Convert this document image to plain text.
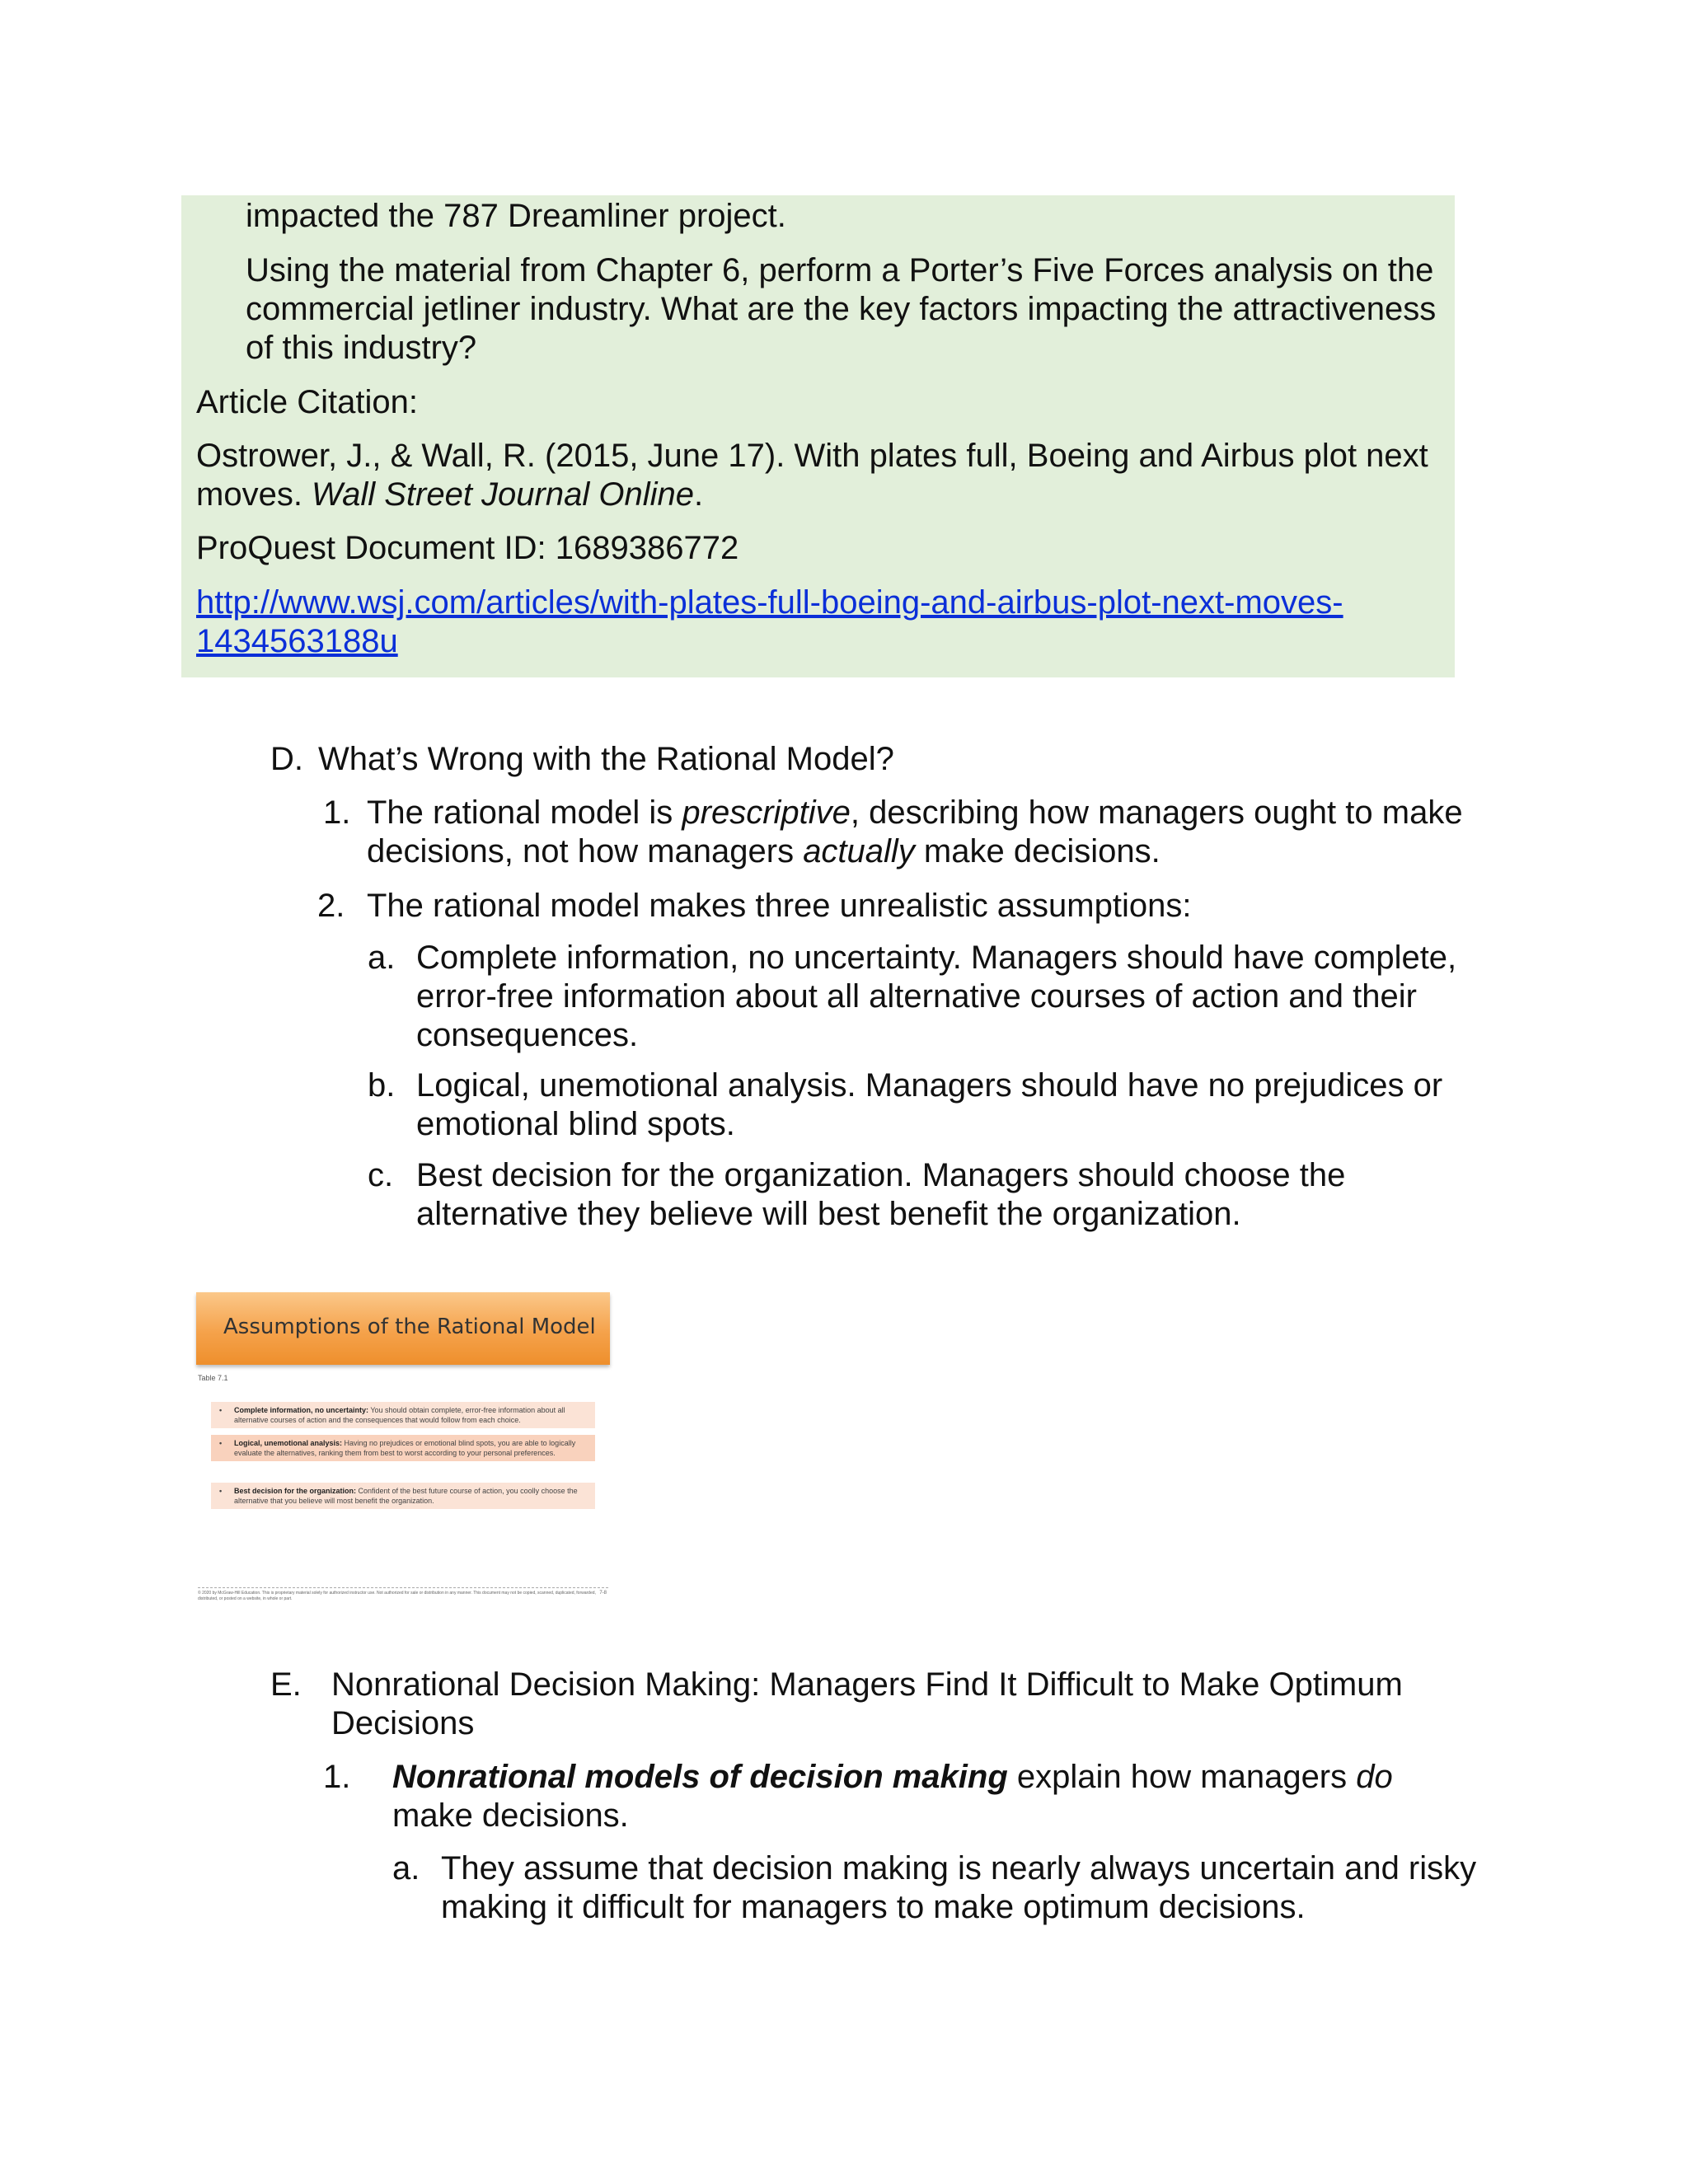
impacted the 787 Dreamliner project.

Using the material from Chapter 6, perform a Porter’s Five Forces analysis on the

commercial jetliner industry. What are the key factors impacting the attractiveness

of this industry?

Article Citation:

Ostrower, J., & Wall, R. (2015, June 17). With plates full, Boeing and Airbus plot next

moves. Wall Street Journal Online.

ProQuest Document ID: 1689386772

http://www.wsj.com/articles/with-plates-full-boeing-and-airbus-plot-next-moves-

1434563188u

D. What’s Wrong with the Rational Model?

1. The rational model is prescriptive, describing how managers ought to make

decisions, not how managers actually make decisions.

2. The rational model makes three unrealistic assumptions:

a. Complete information, no uncertainty. Managers should have complete,

error-free information about all alternative courses of action and their

consequences.

b. Logical, unemotional analysis. Managers should have no prejudices or

emotional blind spots.

c. Best decision for the organization. Managers should choose the

alternative they believe will best benefit the organization.

Assumptions of the Rational Model
Table 7.1
• Complete information, no uncertainty: You should obtain complete, error-free information about all alternative courses of action and the consequences that would follow from each choice.
• Logical, unemotional analysis: Having no prejudices or emotional blind spots, you are able to logically evaluate the alternatives, ranking them from best to worst according to your personal preferences.
• Best decision for the organization: Confident of the best future course of action, you coolly choose the alternative that you believe will most benefit the organization.
© 2020 by McGraw-Hill Education. This is proprietary material solely for authorized instructor use. Not authorized for sale or distribution in any manner. This document may not be copied, scanned, duplicated, forwarded, distributed, or posted on a website, in whole or part.
7-8

E. Nonrational Decision Making: Managers Find It Difficult to Make Optimum

Decisions

1. Nonrational models of decision making explain how managers do

make decisions.

a. They assume that decision making is nearly always uncertain and risky

making it difficult for managers to make optimum decisions.
